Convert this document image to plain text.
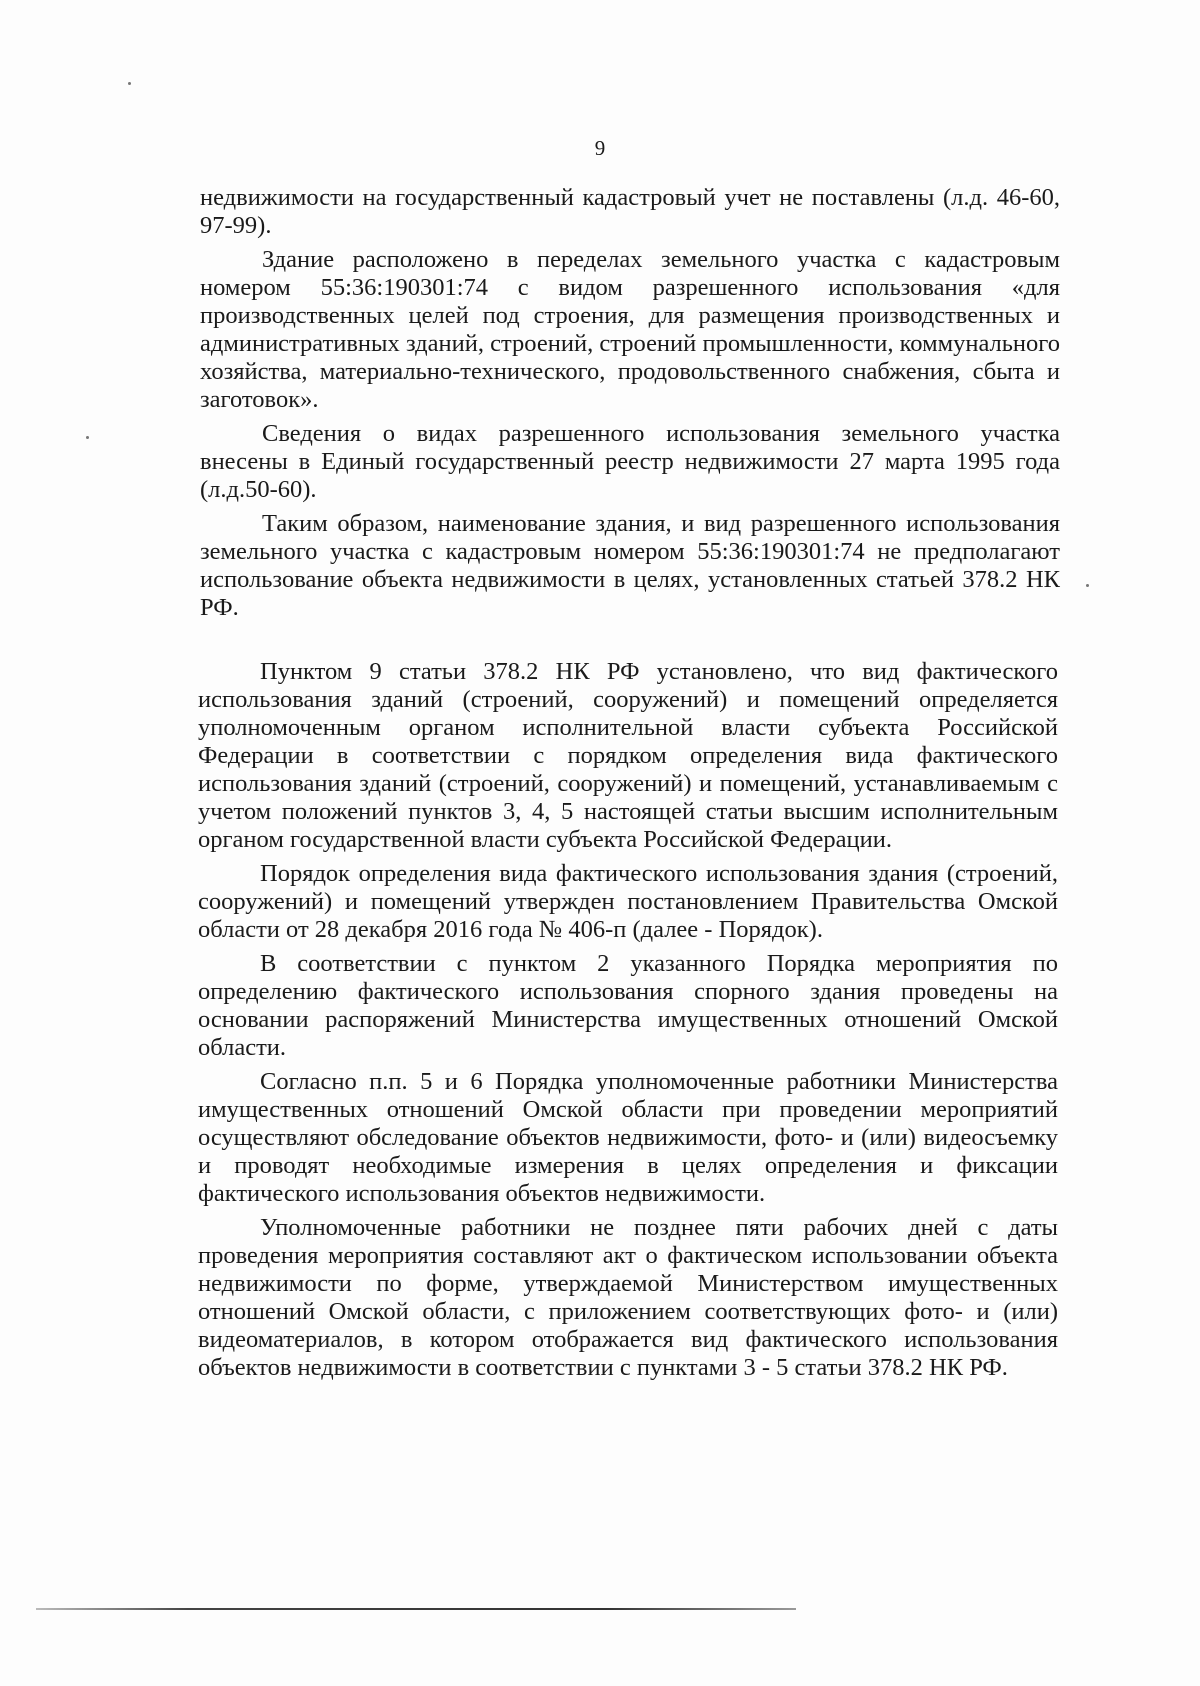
9

недвижимости на государственный кадастровый учет не поставлены (л.д. 46-60, 97-99).

Здание расположено в переделах земельного участка с кадастровым номером 55:36:190301:74 с видом разрешенного использования «для производственных целей под строения, для размещения производственных и административных зданий, строений, строений промышленности, коммунального хозяйства, материально-технического, продовольственного снабжения, сбыта и заготовок».

Сведения о видах разрешенного использования земельного участка внесены в Единый государственный реестр недвижимости 27 марта 1995 года (л.д.50-60).

Таким образом, наименование здания, и вид разрешенного использования земельного участка с кадастровым номером 55:36:190301:74 не предполагают использование объекта недвижимости в целях, установленных статьей 378.2 НК РФ.

Пунктом 9 статьи 378.2 НК РФ установлено, что вид фактического использования зданий (строений, сооружений) и помещений определяется уполномоченным органом исполнительной власти субъекта Российской Федерации в соответствии с порядком определения вида фактического использования зданий (строений, сооружений) и помещений, устанавливаемым с учетом положений пунктов 3, 4, 5 настоящей статьи высшим исполнительным органом государственной власти субъекта Российской Федерации.

Порядок определения вида фактического использования здания (строений, сооружений) и помещений утвержден постановлением Правительства Омской области от 28 декабря 2016 года № 406-п (далее - Порядок).

В соответствии с пунктом 2 указанного Порядка мероприятия по определению фактического использования спорного здания проведены на основании распоряжений Министерства имущественных отношений Омской области.

Согласно п.п. 5 и 6 Порядка уполномоченные работники Министерства имущественных отношений Омской области при проведении мероприятий осуществляют обследование объектов недвижимости, фото- и (или) видеосъемку и проводят необходимые измерения в целях определения и фиксации фактического использования объектов недвижимости.

Уполномоченные работники не позднее пяти рабочих дней с даты проведения мероприятия составляют акт о фактическом использовании объекта недвижимости по форме, утверждаемой Министерством имущественных отношений Омской области, с приложением соответствующих фото- и (или) видеоматериалов, в котором отображается вид фактического использования объектов недвижимости в соответствии с пунктами 3 - 5 статьи 378.2 НК РФ.
